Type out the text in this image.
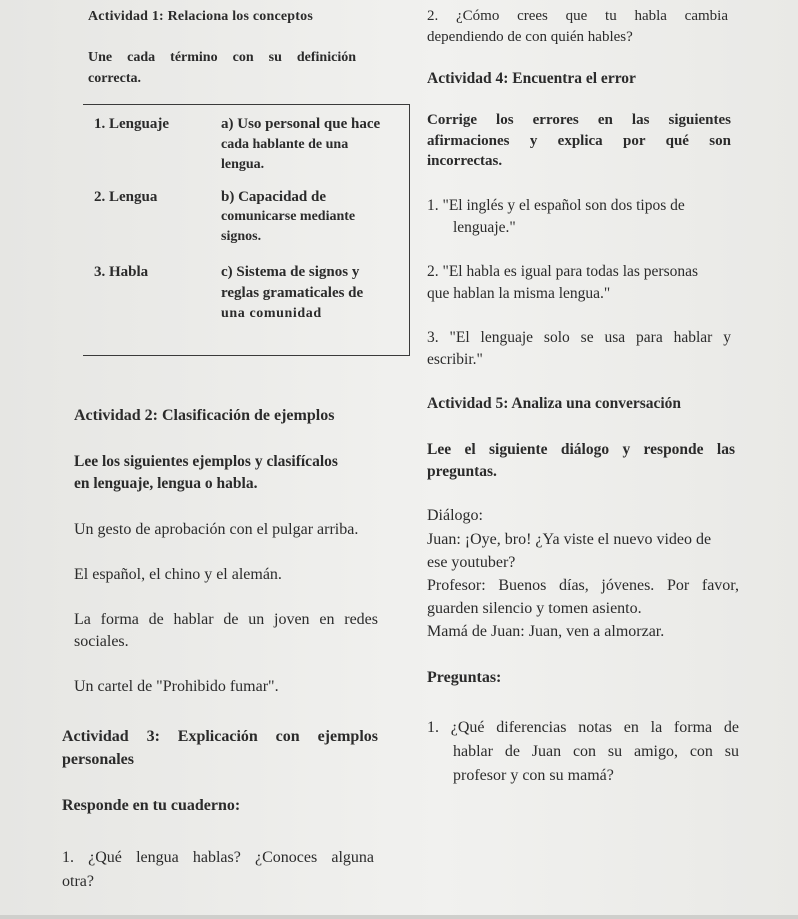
Actividad 1: Relaciona los conceptos
Une cada término con su definición
correcta.
1. Lenguaje	a) Uso personal que hace
cada hablante de una
lengua.
2. Lengua	b) Capacidad de
comunicarse mediante
signos.
3. Habla	c) Sistema de signos y
reglas gramaticales de
una comunidad
Actividad 2: Clasificación de ejemplos
Lee los siguientes ejemplos y clasifícalos
en lenguaje, lengua o habla.
Un gesto de aprobación con el pulgar arriba.
El español, el chino y el alemán.
La forma de hablar de un joven en redes
sociales.
Un cartel de "Prohibido fumar".
Actividad 3: Explicación con ejemplos
personales
Responde en tu cuaderno:
1. ¿Qué lengua hablas? ¿Conoces alguna
otra?
2. ¿Cómo crees que tu habla cambia
dependiendo de con quién hables?
Actividad 4: Encuentra el error
Corrige los errores en las siguientes
afirmaciones y explica por qué son
incorrectas.
1. "El inglés y el español son dos tipos de
lenguaje."
2. "El habla es igual para todas las personas
que hablan la misma lengua."
3. "El lenguaje solo se usa para hablar y
escribir."
Actividad 5: Analiza una conversación
Lee el siguiente diálogo y responde las
preguntas.
Diálogo:
Juan: ¡Oye, bro! ¿Ya viste el nuevo video de
ese youtuber?
Profesor: Buenos días, jóvenes. Por favor,
guarden silencio y tomen asiento.
Mamá de Juan: Juan, ven a almorzar.
Preguntas:
1. ¿Qué diferencias notas en la forma de
hablar de Juan con su amigo, con su
profesor y con su mamá?
